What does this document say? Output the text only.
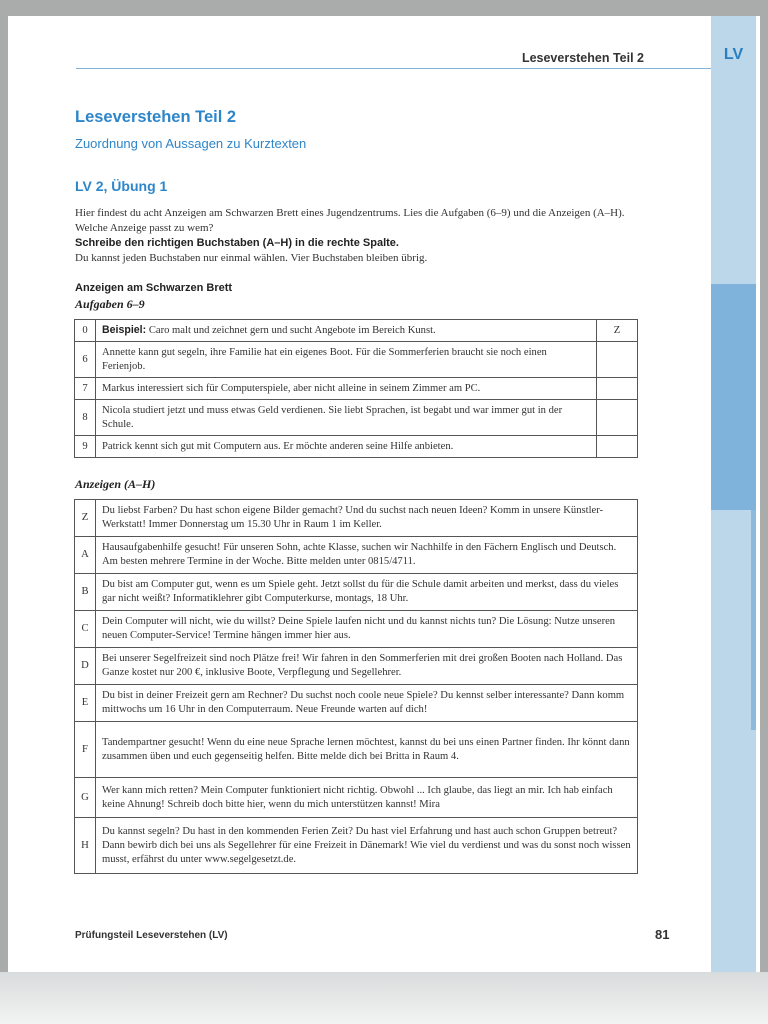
LV
Leseverstehen Teil 2
Leseverstehen Teil 2
Zuordnung von Aussagen zu Kurztexten
LV 2, Übung 1
Hier findest du acht Anzeigen am Schwarzen Brett eines Jugendzentrums. Lies die Aufgaben (6–9) und die Anzeigen (A–H). Welche Anzeige passt zu wem?
Schreibe den richtigen Buchstaben (A–H) in die rechte Spalte.
Du kannst jeden Buchstaben nur einmal wählen. Vier Buchstaben bleiben übrig.
Anzeigen am Schwarzen Brett
Aufgaben 6–9
0	Beispiel: Caro malt und zeichnet gern und sucht Angebote im Bereich Kunst.	Z
6	Annette kann gut segeln, ihre Familie hat ein eigenes Boot. Für die Sommerferien braucht sie noch einen Ferienjob.	
7	Markus interessiert sich für Computerspiele, aber nicht alleine in seinem Zimmer am PC.	
8	Nicola studiert jetzt und muss etwas Geld verdienen. Sie liebt Sprachen, ist begabt und war immer gut in der Schule.	
9	Patrick kennt sich gut mit Computern aus. Er möchte anderen seine Hilfe anbieten.	
Anzeigen (A–H)
Z	Du liebst Farben? Du hast schon eigene Bilder gemacht? Und du suchst nach neuen Ideen? Komm in unsere Künstler-Werkstatt! Immer Donnerstag um 15.30 Uhr in Raum 1 im Keller.
A	Hausaufgabenhilfe gesucht! Für unseren Sohn, achte Klasse, suchen wir Nachhilfe in den Fächern Englisch und Deutsch. Am besten mehrere Termine in der Woche. Bitte melden unter 0815/4711.
B	Du bist am Computer gut, wenn es um Spiele geht. Jetzt sollst du für die Schule damit arbeiten und merkst, dass du vieles gar nicht weißt? Informatiklehrer gibt Computerkurse, montags, 18 Uhr.
C	Dein Computer will nicht, wie du willst? Deine Spiele laufen nicht und du kannst nichts tun? Die Lösung: Nutze unseren neuen Computer-Service! Termine hängen immer hier aus.
D	Bei unserer Segelfreizeit sind noch Plätze frei! Wir fahren in den Sommerferien mit drei großen Booten nach Holland. Das Ganze kostet nur 200 €, inklusive Boote, Verpflegung und Segellehrer.
E	Du bist in deiner Freizeit gern am Rechner? Du suchst noch coole neue Spiele? Du kennst selber interessante? Dann komm mittwochs um 16 Uhr in den Computerraum. Neue Freunde warten auf dich!
F	Tandempartner gesucht! Wenn du eine neue Sprache lernen möchtest, kannst du bei uns einen Partner finden. Ihr könnt dann zusammen üben und euch gegenseitig helfen. Bitte melde dich bei Britta in Raum 4.
G	Wer kann mich retten? Mein Computer funktioniert nicht richtig. Obwohl ... Ich glaube, das liegt an mir. Ich hab einfach keine Ahnung! Schreib doch bitte hier, wenn du mich unterstützen kannst! Mira
H	Du kannst segeln? Du hast in den kommenden Ferien Zeit? Du hast viel Erfahrung und hast auch schon Gruppen betreut? Dann bewirb dich bei uns als Segellehrer für eine Freizeit in Dänemark! Wie viel du verdienst und was du sonst noch wissen musst, erfährst du unter www.segelgesetzt.de.
Prüfungsteil Leseverstehen (LV)	81
